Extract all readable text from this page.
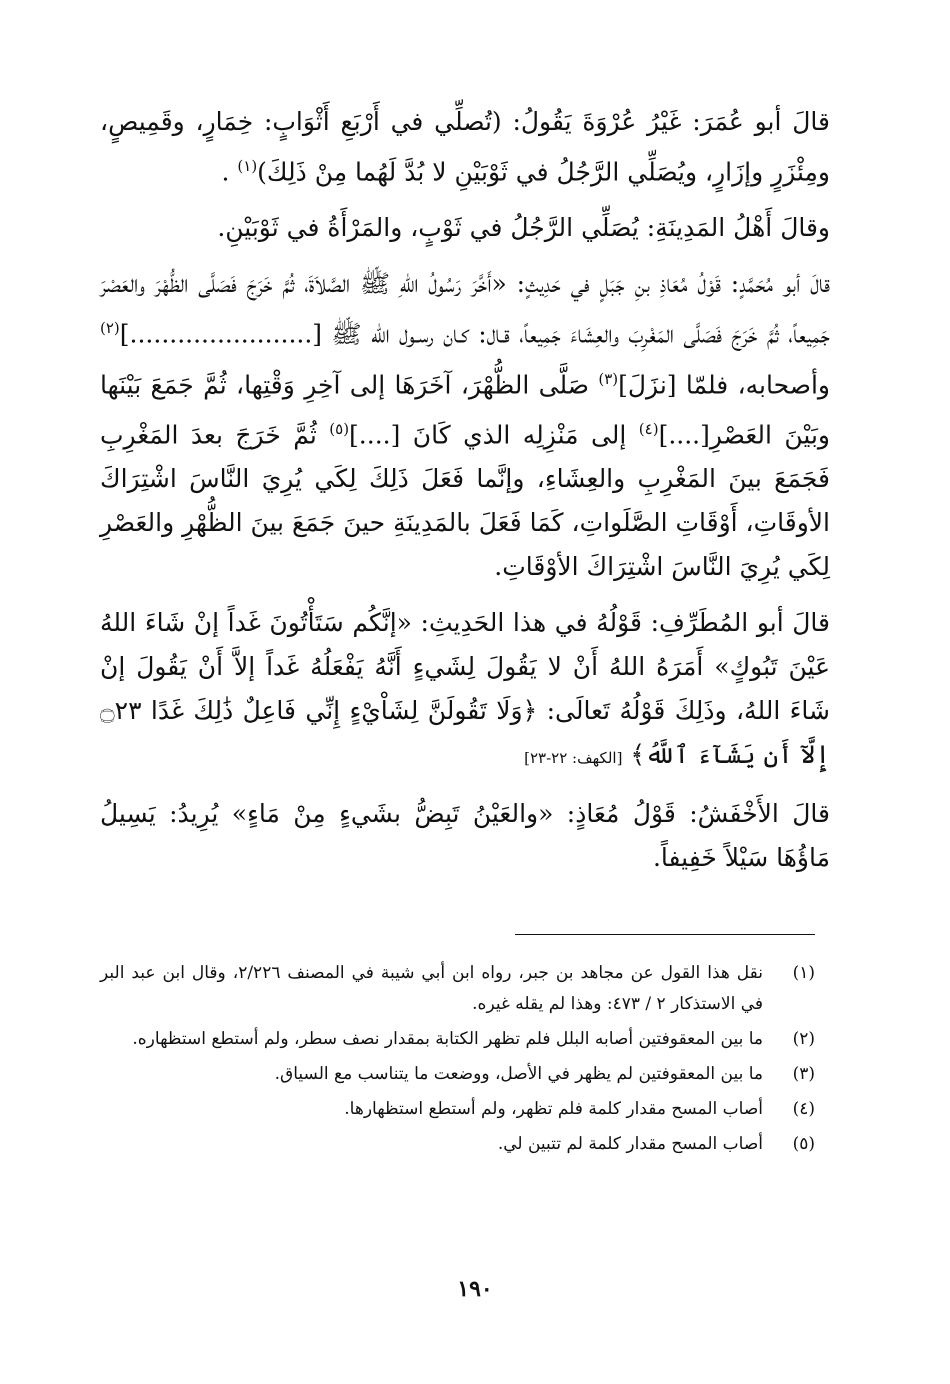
قالَ أبو عُمَرَ: غَيْرُ عُرْوَةَ يَقُولُ: (تُصلِّي في أَرْبَعِ أَثْوَابٍ: خِمَارٍ، وقَمِيصٍ، ومِئْزَرٍ وإزَارٍ، ويُصَلِّي الرَّجُلُ في ثَوْبَيْنِ لا بُدَّ لَهُما مِنْ ذَلِكَ)$^{(١)}$ .

وقالَ أَهْلُ المَدِينَةِ: يُصَلِّي الرَّجُلُ في ثَوْبٍ، والمَرْأَةُ في ثَوْبَيْنِ.

قالَ أبو مُحَمَّدٍ: قَوْلُ مُعَاذِ بنِ جَبَلٍ في حَدِيثٍ: «أَخَّرَ رَسُولُ اللهِ ﷺ الصَّلاَةَ، ثُمَّ خَرَجَ فَصَلَّى الظُّهْرَ والعَصْرَ جَمِيعاً، ثُمَّ خَرَجَ فَصَلَّى المَغْرِبَ والعِشَاءَ جَمِيعاً، قـال: كـان رسـول الله ﷺ [.......................]$^{(٢)}$ وأصحابه، فلمّا [نزَلَ]$^{(٣)}$ صَلَّى الظُّهْرَ، آخَرَهَا إلى آخِرِ وَقْتِها، ثُمَّ جَمَعَ بَيْنَها وبَيْنَ العَصْرِ[....]$^{(٤)}$ إلى مَنْزِلِه الذي كَانَ [....]$^{(٥)}$ ثُمَّ خَرَجَ بعدَ المَغْرِبِ فَجَمَعَ بينَ المَغْرِبِ والعِشَاءِ، وإنَّما فَعَلَ ذَلِكَ لِكَي يُرِيَ النَّاسَ اشْتِرَاكَ الأوقَاتِ، أَوْقَاتِ الصَّلَواتِ، كَمَا فَعَلَ بالمَدِينَةِ حينَ جَمَعَ بينَ الظُّهْرِ والعَصْرِ لِكَي يُرِيَ النَّاسَ اشْتِرَاكَ الأوْقَاتِ.

قالَ أبو المُطَرِّفِ: قَوْلُهُ في هذا الحَدِيثِ: «إنَّكُم سَتَأْتُونَ غَداً إنْ شَاءَ اللهُ عَيْنَ تَبُوكٍ» أَمَرَهُ اللهُ أَنْ لا يَقُولَ لِشَيءٍ أَنَّهُ يَفْعَلُهُ غَداً إلاَّ أَنْ يَقُولَ إنْ شَاءَ اللهُ، وذَلِكَ قَوْلُهُ تَعالَى: ﴿وَلَا تَقُولَنَّ لِشَاْيْءٍ إِنِّي فَاعِلٌ ذَٰلِكَ غَدًا ۝٢٣ إِلَّآ أَن يَشَآءَ ٱللَّهُ﴾ [الكهف: ٢٢-٢٣]

قالَ الأَخْفَشُ: قَوْلُ مُعَاذٍ: «والعَيْنُ تَبِضُّ بشَيءٍ مِنْ مَاءٍ» يُرِيدُ: يَسِيلُ مَاؤُهَا سَيْلاً خَفِيفاً.

(١)
نقل هذا القول عن مجاهد بن جبر، رواه ابن أبي شيبة في المصنف ٢/٢٢٦، وقال ابن عبد البر في الاستذكار ٢ / ٤٧٣: وهذا لم يقله غيره.
(٢)
ما بين المعقوفتين أصابه البلل فلم تظهر الكتابة بمقدار نصف سطر، ولم أستطع استظهاره.
(٣)
ما بين المعقوفتين لم يظهر في الأصل، ووضعت ما يتناسب مع السياق.
(٤)
أصاب المسح مقدار كلمة فلم تظهر، ولم أستطع استظهارها.
(٥)
أصاب المسح مقدار كلمة لم تتبين لي.
١٩٠
